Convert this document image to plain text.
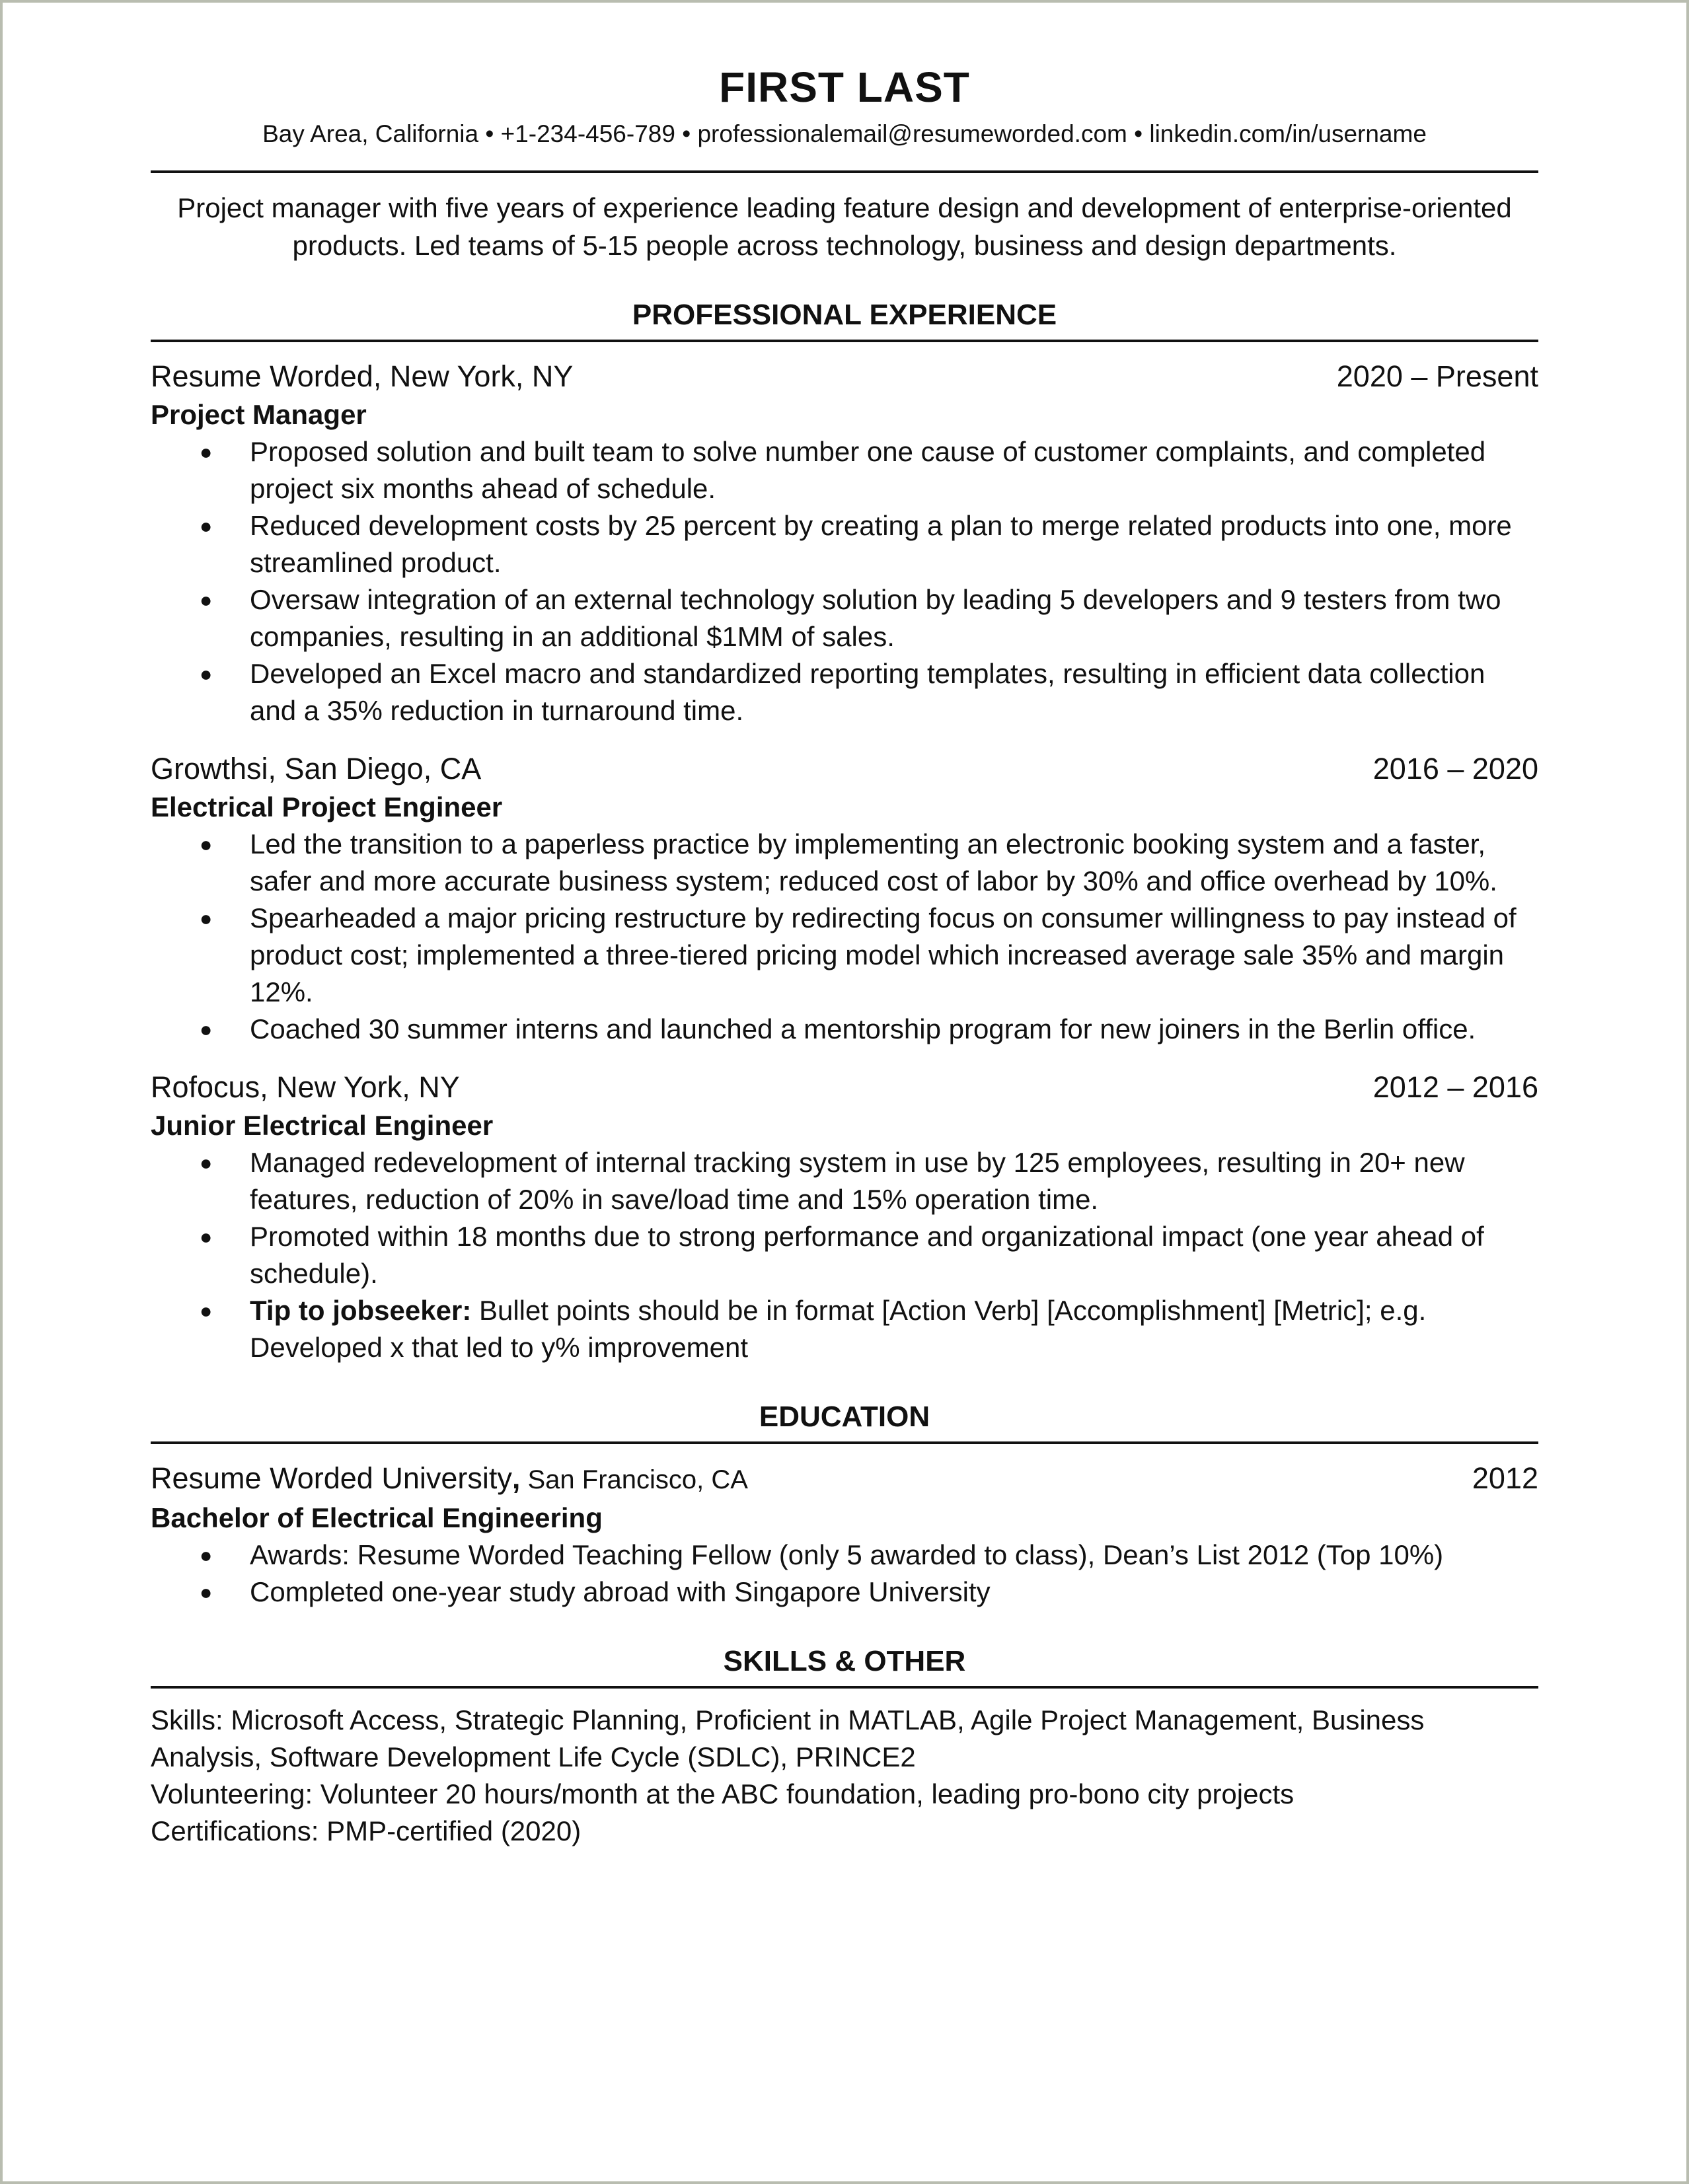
FIRST LAST
Bay Area, California • +1-234-456-789 • professionalemail@resumeworded.com • linkedin.com/in/username
Project manager with five years of experience leading feature design and development of enterprise-oriented products. Led teams of 5-15 people across technology, business and design departments.
PROFESSIONAL EXPERIENCE
Resume Worded, New York, NY	2020 – Present
Project Manager
● Proposed solution and built team to solve number one cause of customer complaints, and completed project six months ahead of schedule.
● Reduced development costs by 25 percent by creating a plan to merge related products into one, more streamlined product.
● Oversaw integration of an external technology solution by leading 5 developers and 9 testers from two companies, resulting in an additional $1MM of sales.
● Developed an Excel macro and standardized reporting templates, resulting in efficient data collection and a 35% reduction in turnaround time.
Growthsi, San Diego, CA	2016 – 2020
Electrical Project Engineer
● Led the transition to a paperless practice by implementing an electronic booking system and a faster, safer and more accurate business system; reduced cost of labor by 30% and office overhead by 10%.
● Spearheaded a major pricing restructure by redirecting focus on consumer willingness to pay instead of product cost; implemented a three-tiered pricing model which increased average sale 35% and margin 12%.
● Coached 30 summer interns and launched a mentorship program for new joiners in the Berlin office.
Rofocus, New York, NY	2012 – 2016
Junior Electrical Engineer
● Managed redevelopment of internal tracking system in use by 125 employees, resulting in 20+ new features, reduction of 20% in save/load time and 15% operation time.
● Promoted within 18 months due to strong performance and organizational impact (one year ahead of schedule).
● Tip to jobseeker: Bullet points should be in format [Action Verb] [Accomplishment] [Metric]; e.g. Developed x that led to y% improvement
EDUCATION
Resume Worded University, San Francisco, CA	2012
Bachelor of Electrical Engineering
● Awards: Resume Worded Teaching Fellow (only 5 awarded to class), Dean’s List 2012 (Top 10%)
● Completed one-year study abroad with Singapore University
SKILLS & OTHER

Skills: Microsoft Access, Strategic Planning, Proficient in MATLAB, Agile Project Management, Business Analysis, Software Development Life Cycle (SDLC), PRINCE2

Volunteering: Volunteer 20 hours/month at the ABC foundation, leading pro-bono city projects

Certifications: PMP-certified (2020)
